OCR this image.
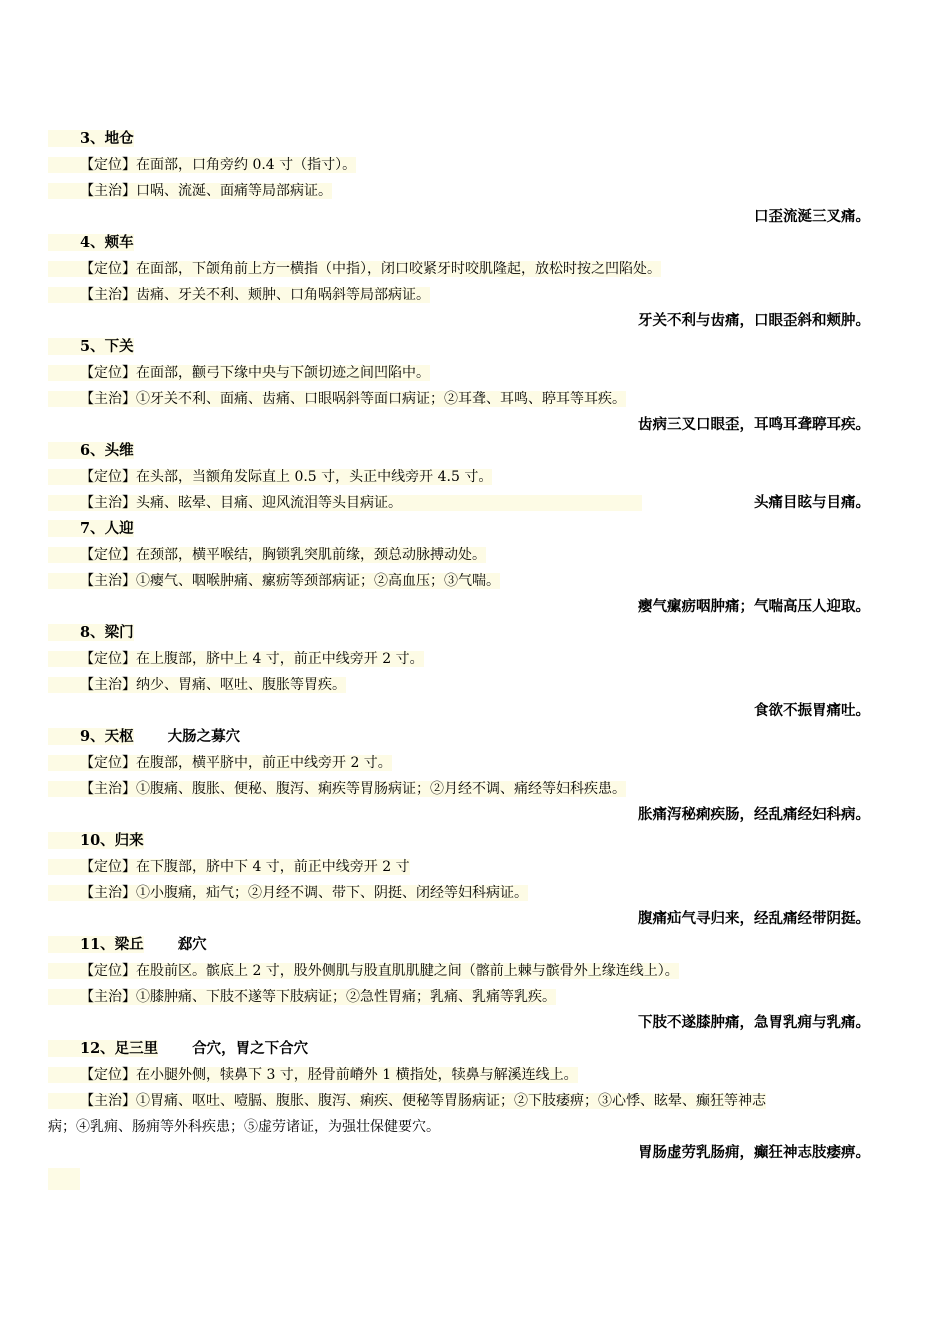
3、地仓
【定位】在面部，口角旁约 0.4 寸（指寸）。
【主治】口㖞、流涎、面痛等局部病证。
口歪流涎三叉痛。
4、颊车
【定位】在面部，下颌角前上方一横指（中指），闭口咬紧牙时咬肌隆起，放松时按之凹陷处。
【主治】齿痛、牙关不利、颊肿、口角㖞斜等局部病证。
牙关不利与齿痛，口眼歪斜和颊肿。
5、下关
【定位】在面部，颧弓下缘中央与下颌切迹之间凹陷中。
【主治】①牙关不利、面痛、齿痛、口眼㖞斜等面口病证；②耳聋、耳鸣、聤耳等耳疾。
齿病三叉口眼歪，耳鸣耳聋聤耳疾。
6、头维
【定位】在头部，当额角发际直上 0.5 寸，头正中线旁开 4.5 寸。
【主治】头痛、眩晕、目痛、迎风流泪等头目病证。	头痛目眩与目痛。
7、人迎
【定位】在颈部，横平喉结，胸锁乳突肌前缘，颈总动脉搏动处。
【主治】①瘿气、咽喉肿痛、瘰疬等颈部病证；②高血压；③气喘。
瘿气瘰疬咽肿痛；气喘高压人迎取。
8、梁门
【定位】在上腹部，脐中上 4 寸，前正中线旁开 2 寸。
【主治】纳少、胃痛、呕吐、腹胀等胃疾。
食欲不振胃痛吐。
9、天枢 大肠之募穴
【定位】在腹部，横平脐中，前正中线旁开 2 寸。
【主治】①腹痛、腹胀、便秘、腹泻、痢疾等胃肠病证；②月经不调、痛经等妇科疾患。
胀痛泻秘痢疾肠，经乱痛经妇科病。
10、归来
【定位】在下腹部，脐中下 4 寸，前正中线旁开 2 寸
【主治】①小腹痛，疝气；②月经不调、带下、阴挺、闭经等妇科病证。
腹痛疝气寻归来，经乱痛经带阴挺。
11、梁丘 郄穴
【定位】在股前区。髌底上 2 寸，股外侧肌与股直肌肌腱之间（髂前上棘与髌骨外上缘连线上）。
【主治】①膝肿痛、下肢不遂等下肢病证；②急性胃痛；乳痛、乳痛等乳疾。
下肢不遂膝肿痛，急胃乳痈与乳痛。
12、足三里 合穴，胃之下合穴
【定位】在小腿外侧，犊鼻下 3 寸，胫骨前嵴外 1 横指处，犊鼻与解溪连线上。
【主治】①胃痛、呕吐、噎膈、腹胀、腹泻、痢疾、便秘等胃肠病证；②下肢痿痹；③心悸、眩晕、癫狂等神志
病；④乳痈、肠痈等外科疾患；⑤虚劳诸证，为强壮保健要穴。
胃肠虚劳乳肠痈，癫狂神志肢痿痹。
